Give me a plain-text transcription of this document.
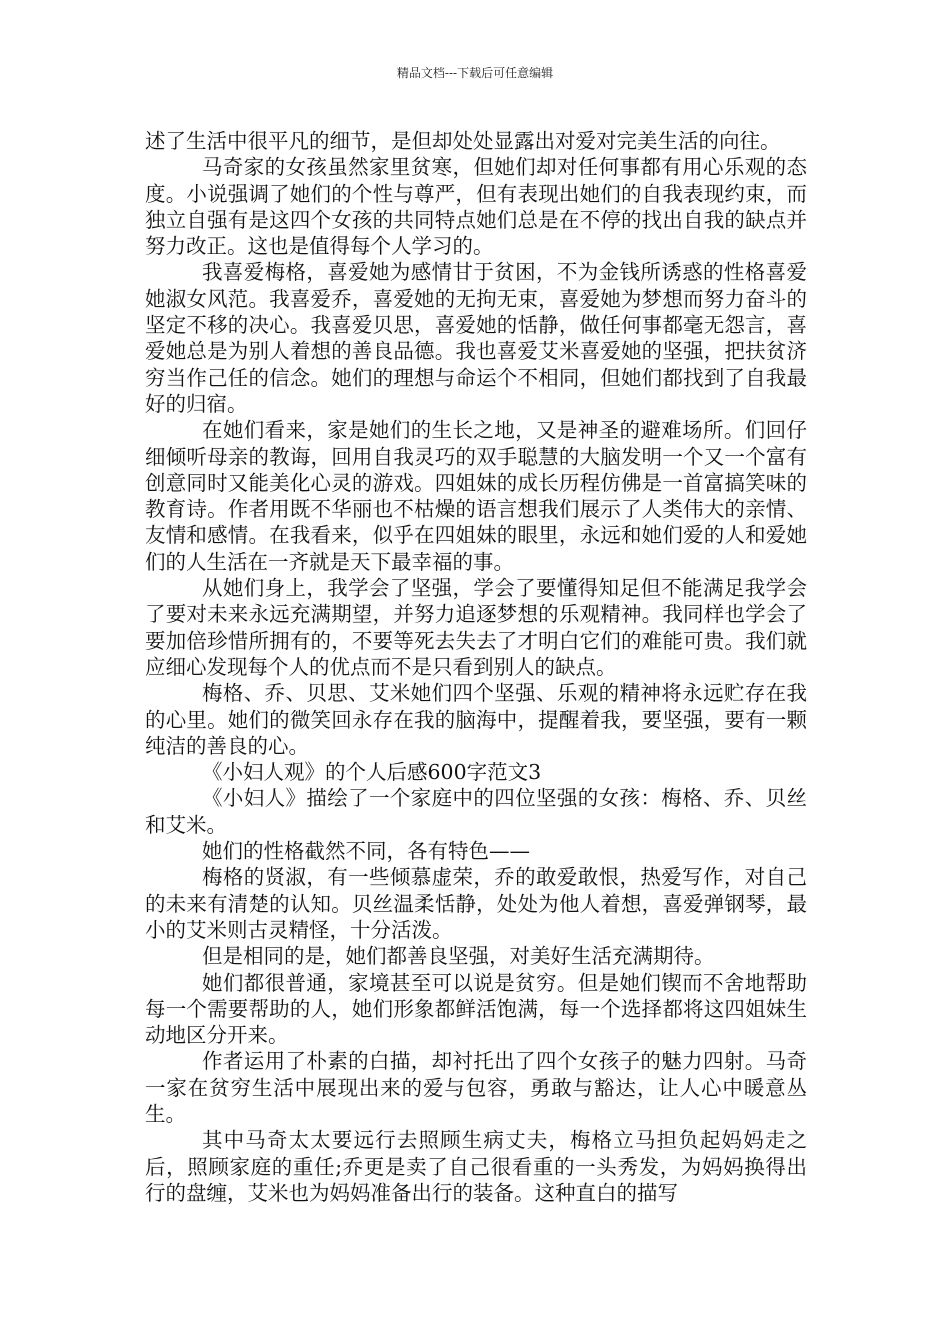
精品文档---下载后可任意编辑

述了生活中很平凡的细节，是但却处处显露出对爱对完美生活的向往。

马奇家的女孩虽然家里贫寒，但她们却对任何事都有用心乐观的态度。小说强调了她们的个性与尊严，但有表现出她们的自我表现约束，而独立自强有是这四个女孩的共同特点她们总是在不停的找出自我的缺点并努力改正。这也是值得每个人学习的。

我喜爱梅格，喜爱她为感情甘于贫困，不为金钱所诱惑的性格喜爱她淑女风范。我喜爱乔，喜爱她的无拘无束，喜爱她为梦想而努力奋斗的坚定不移的决心。我喜爱贝思，喜爱她的恬静，做任何事都毫无怨言，喜爱她总是为别人着想的善良品德。我也喜爱艾米喜爱她的坚强，把扶贫济穷当作己任的信念。她们的理想与命运个不相同，但她们都找到了自我最好的归宿。

在她们看来，家是她们的生长之地，又是神圣的避难场所。们回仔细倾听母亲的教诲，回用自我灵巧的双手聪慧的大脑发明一个又一个富有创意同时又能美化心灵的游戏。四姐妹的成长历程仿佛是一首富搞笑味的教育诗。作者用既不华丽也不枯燥的语言想我们展示了人类伟大的亲情、友情和感情。在我看来，似乎在四姐妹的眼里，永远和她们爱的人和爱她们的人生活在一齐就是天下最幸福的事。

从她们身上，我学会了坚强，学会了要懂得知足但不能满足我学会了要对未来永远充满期望，并努力追逐梦想的乐观精神。我同样也学会了要加倍珍惜所拥有的，不要等死去失去了才明白它们的难能可贵。我们就应细心发现每个人的优点而不是只看到别人的缺点。

梅格、乔、贝思、艾米她们四个坚强、乐观的精神将永远贮存在我的心里。她们的微笑回永存在我的脑海中，提醒着我，要坚强，要有一颗纯洁的善良的心。

《小妇人观》的个人后感600字范文3

《小妇人》描绘了一个家庭中的四位坚强的女孩：梅格、乔、贝丝和艾米。

她们的性格截然不同，各有特色——

梅格的贤淑，有一些倾慕虚荣，乔的敢爱敢恨，热爱写作，对自己的未来有清楚的认知。贝丝温柔恬静，处处为他人着想，喜爱弹钢琴，最小的艾米则古灵精怪，十分活泼。

但是相同的是，她们都善良坚强，对美好生活充满期待。

她们都很普通，家境甚至可以说是贫穷。但是她们锲而不舍地帮助每一个需要帮助的人，她们形象都鲜活饱满，每一个选择都将这四姐妹生动地区分开来。

作者运用了朴素的白描，却衬托出了四个女孩子的魅力四射。马奇一家在贫穷生活中展现出来的爱与包容，勇敢与豁达，让人心中暖意丛生。

其中马奇太太要远行去照顾生病丈夫，梅格立马担负起妈妈走之后，照顾家庭的重任;乔更是卖了自己很看重的一头秀发，为妈妈换得出行的盘缠，艾米也为妈妈准备出行的装备。这种直白的描写
